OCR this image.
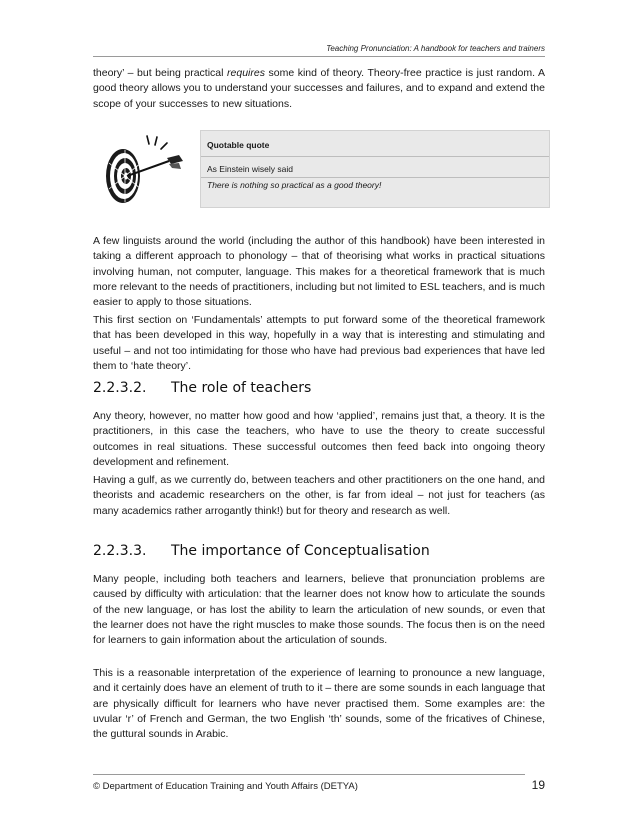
Teaching Pronunciation: A handbook for teachers and trainers

theory’ – but being practical requires some kind of theory. Theory-free practice is just random. A good theory allows you to understand your successes and failures, and to expand and extend the scope of your successes to new situations.

Quotable quote
As Einstein wisely said
There is nothing so practical as a good theory!

A few linguists around the world (including the author of this handbook) have been interested in taking a different approach to phonology – that of theorising what works in practical situations involving human, not computer, language. This makes for a theoretical framework that is much more relevant to the needs of practitioners, including but not limited to ESL teachers, and is much easier to apply to those situations.

This first section on ‘Fundamentals’ attempts to put forward some of the theoretical framework that has been developed in this way, hopefully in a way that is interesting and stimulating and useful – and not too intimidating for those who have had previous bad experiences that have led them to ‘hate theory’.

2.2.3.2. The role of teachers

Any theory, however, no matter how good and how ‘applied’, remains just that, a theory. It is the practitioners, in this case the teachers, who have to use the theory to create successful outcomes in real situations. These successful outcomes then feed back into ongoing theory development and refinement.

Having a gulf, as we currently do, between teachers and other practitioners on the one hand, and theorists and academic researchers on the other, is far from ideal – not just for teachers (as many academics rather arrogantly think!) but for theory and research as well.

2.2.3.3. The importance of Conceptualisation

Many people, including both teachers and learners, believe that pronunciation problems are caused by difficulty with articulation: that the learner does not know how to articulate the sounds of the new language, or has lost the ability to learn the articulation of new sounds, or even that the learner does not have the right muscles to make those sounds. The focus then is on the need for learners to gain information about the articulation of sounds.

This is a reasonable interpretation of the experience of learning to pronounce a new language, and it certainly does have an element of truth to it – there are some sounds in each language that are physically difficult for learners who have never practised them. Some examples are: the uvular ‘r’ of French and German, the two English ‘th’ sounds, some of the fricatives of Chinese, the guttural sounds in Arabic.

© Department of Education Training and Youth Affairs (DETYA)	19
